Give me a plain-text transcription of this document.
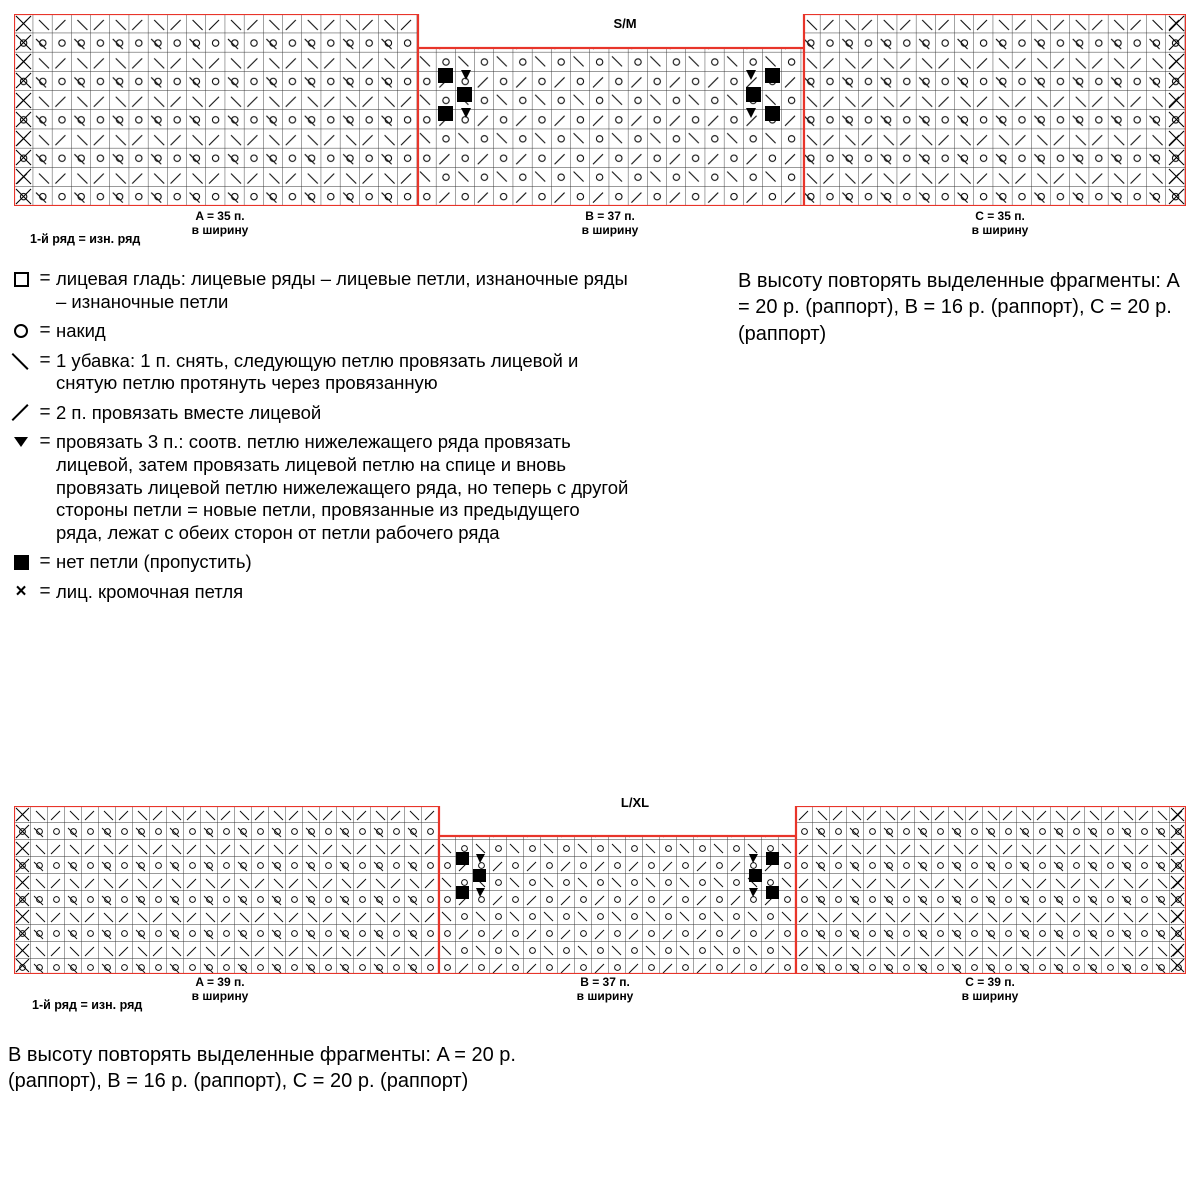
S/M
A = 35 п.
в ширину
B = 37 п.
в ширину
C = 35 п.
в ширину
1-й ряд = изн. ряд
= лицевая гладь: лицевые ряды – лицевые петли, изнаночные ряды – изнаночные петли
= накид
= 1 убавка: 1 п. снять, следующую петлю провязать лицевой и снятую петлю протянуть через провязанную
= 2 п. провязать вместе лицевой
= провязать 3 п.: соотв. петлю нижележащего ряда провязать лицевой, затем провязать лицевой петлю на спице и вновь провязать лицевой петлю нижележащего ряда, но теперь с другой стороны петли = новые петли, провязанные из предыдущего ряда, лежат с обеих сторон от петли рабочего ряда
= нет петли (пропустить)
× = лиц. кромочная петля
В высоту повторять выделенные фрагменты: A = 20 р. (раппорт), B = 16 р. (раппорт), C = 20 р. (раппорт)
L/XL
A = 39 п.
в ширину
B = 37 п.
в ширину
C = 39 п.
в ширину
1-й ряд = изн. ряд
В высоту повторять выделенные фрагменты: A = 20 р. (раппорт), B = 16 р. (раппорт), C = 20 р. (раппорт)
